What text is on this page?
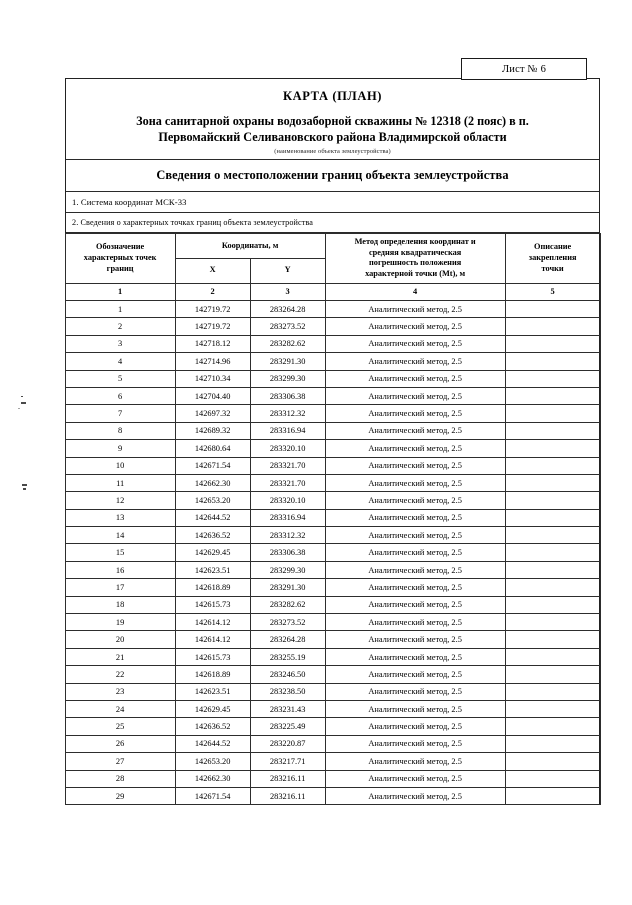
Лист № 6
КАРТА (ПЛАН)
Зона санитарной охраны водозаборной скважины № 12318 (2 пояс) в п.
Первомайский Селивановского района Владимирской области
(наименование объекта землеустройства)
Сведения о местоположении границ объекта землеустройства
1. Система координат МСК-33
2. Сведения о характерных точках границ объекта землеустройства
Обозначение
характерных точек
границ
	Координаты, м	Метод определения координат и
средняя квадратическая
погрешность положения
характерной точки (Мt), м

Описание
закрепления
точки

	X	Y		
1	2	3	4	5
1	142719.72	283264.28	Аналитический метод, 2.5	
2	142719.72	283273.52	Аналитический метод, 2.5	
3	142718.12	283282.62	Аналитический метод, 2.5	
4	142714.96	283291.30	Аналитический метод, 2.5	
5	142710.34	283299.30	Аналитический метод, 2.5	
6	142704.40	283306.38	Аналитический метод, 2.5	
7	142697.32	283312.32	Аналитический метод, 2.5	
8	142689.32	283316.94	Аналитический метод, 2.5	
9	142680.64	283320.10	Аналитический метод, 2.5	
10	142671.54	283321.70	Аналитический метод, 2.5	
11	142662.30	283321.70	Аналитический метод, 2.5	
12	142653.20	283320.10	Аналитический метод, 2.5	
13	142644.52	283316.94	Аналитический метод, 2.5	
14	142636.52	283312.32	Аналитический метод, 2.5	
15	142629.45	283306.38	Аналитический метод, 2.5	
16	142623.51	283299.30	Аналитический метод, 2.5	
17	142618.89	283291.30	Аналитический метод, 2.5	
18	142615.73	283282.62	Аналитический метод, 2.5	
19	142614.12	283273.52	Аналитический метод, 2.5	
20	142614.12	283264.28	Аналитический метод, 2.5	
21	142615.73	283255.19	Аналитический метод, 2.5	
22	142618.89	283246.50	Аналитический метод, 2.5	
23	142623.51	283238.50	Аналитический метод, 2.5	
24	142629.45	283231.43	Аналитический метод, 2.5	
25	142636.52	283225.49	Аналитический метод, 2.5	
26	142644.52	283220.87	Аналитический метод, 2.5	
27	142653.20	283217.71	Аналитический метод, 2.5	
28	142662.30	283216.11	Аналитический метод, 2.5	
29	142671.54	283216.11	Аналитический метод, 2.5	
